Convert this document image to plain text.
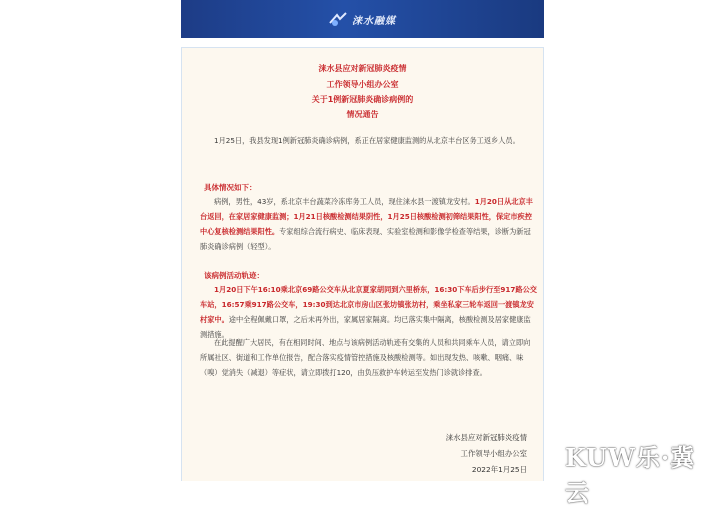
涞水融媒
涞水县应对新冠肺炎疫情
工作领导小组办公室
关于1例新冠肺炎确诊病例的
情况通告
1月25日，我县发现1例新冠肺炎确诊病例，系正在居家健康监测的从北京丰台区务工返乡人员。
具体情况如下：
病例，男性，43岁，系北京丰台蔬菜冷冻库务工人员，现住涞水县一渡镇龙安村。1月20日从北京丰台返回，在家居家健康监测；1月21日核酸检测结果阴性，1月25日核酸检测初筛结果阳性，保定市疾控中心复核检测结果阳性。专家组综合流行病史、临床表现、实验室检测和影像学检查等结果，诊断为新冠肺炎确诊病例（轻型）。
该病例活动轨迹：
1月20日下午16:10乘北京69路公交车从北京夏家胡同到六里桥东，16:30下车后步行至917路公交车站，16:57乘917路公交车，19:30到达北京市房山区张坊镇张坊村，乘坐私家三轮车返回一渡镇龙安村家中。途中全程佩戴口罩，之后未再外出，家属居家隔离。均已落实集中隔离，核酸检测及居家健康监测措施。
在此提醒广大居民，有在相同时间、地点与该病例活动轨迹有交集的人员和共同乘车人员，请立即向所属社区、街道和工作单位报告，配合落实疫情管控措施及核酸检测等。如出现发热、咳嗽、咽痛、味（嗅）觉消失（减退）等症状，请立即拨打120，由负压救护车转运至发热门诊就诊排查。
涞水县应对新冠肺炎疫情
工作领导小组办公室
2022年1月25日 KUW乐·冀云
